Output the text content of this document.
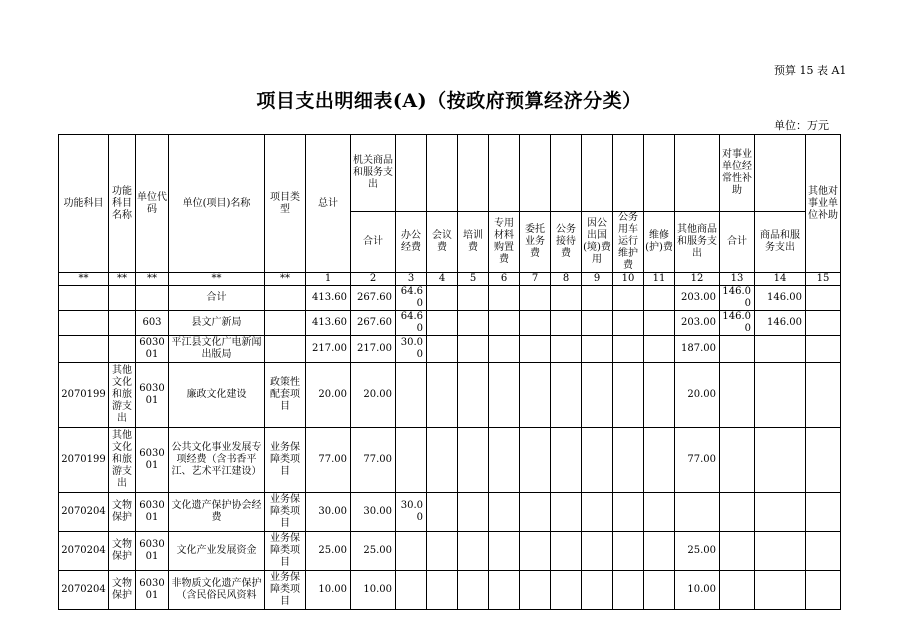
预算 15 表 A1
项目支出明细表(A)（按政府预算经济分类）
单位：万元
功能科目	功能科目名称	单位代码	单位(项目)名称	项目类型	总计	机关商品和服务支出											对事业单位经常性补助		其他对事业单位补助
						合计	办公经费	会议费	培训费	专用材料购置费	委托业务费	公务接待费	因公出国(境)费用	公务用车运行维护费	维修(护)费	其他商品和服务支出	合计	商品和服务支出	
**	**	**	**	**	1	2	3	4	5	6	7	8	9	10	11	12	13	14	15
			合计		413.60	267.60	64.60									203.00	146.00	146.00	
		603	县文广新局		413.60	267.60	64.60									203.00	146.00	146.00	
		603001	平江县文化广电新闻出版局		217.00	217.00	30.00									187.00			
2070199	其他文化和旅游支出	603001	廉政文化建设	政策性配套项目	20.00	20.00										20.00			
2070199	其他文化和旅游支出	603001	公共文化事业发展专项经费（含书香平江、艺术平江建设）	业务保障类项目	77.00	77.00										77.00			
2070204	文物保护	603001	文化遗产保护协会经费	业务保障类项目	30.00	30.00	30.00												
2070204	文物保护	603001	文化产业发展资金	业务保障类项目	25.00	25.00										25.00			
2070204	文物保护	603001	非物质文化遗产保护（含民俗民风资料	业务保障类项目	10.00	10.00										10.00			
